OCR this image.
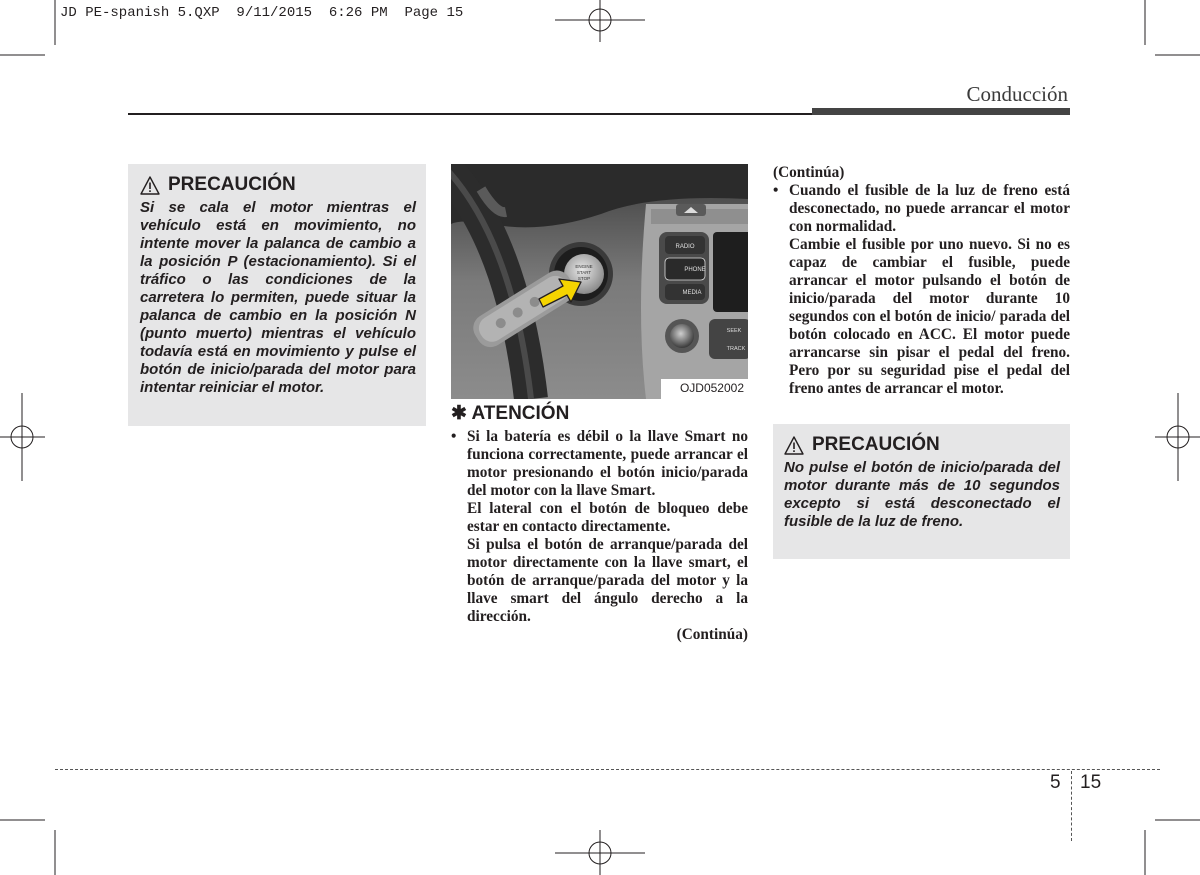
JD PE-spanish 5.QXP  9/11/2015  6:26 PM  Page 15
Conducción
PRECAUCIÓN
Si se cala el motor mientras el vehículo está en movimiento, no intente mover la palanca de cambio a la posición P (estacionamiento). Si el tráfico o las condiciones de la carretera lo permiten, puede situar la palanca de cambio en la posición N (punto muerto) mientras el vehículo todavía está en movimiento y pulse el botón de inicio/parada del motor para intentar reiniciar el motor.
RADIO
PHONE
MEDIA
SEEK
TRACK
ENGINE
START
STOP
OJD052002
✱ ATENCIÓN
• Si la batería es débil o la llave Smart no funciona correctamente, puede arrancar el motor presionando el botón inicio/parada del motor con la llave Smart.
El lateral con el botón de bloqueo debe estar en contacto directamente.
Si pulsa el botón de arranque/parada del motor directamente con la llave smart, el botón de arranque/parada del motor y la llave smart del ángulo derecho a la dirección.
(Continúa)
(Continúa)
• Cuando el fusible de la luz de freno está desconectado, no puede arrancar el motor con normalidad.
Cambie el fusible por uno nuevo. Si no es capaz de cambiar el fusible, puede arrancar el motor pulsando el botón de inicio/parada del motor durante 10 segundos con el botón de inicio/ parada del botón colocado en ACC. El motor puede arrancarse sin pisar el pedal del freno. Pero por su seguridad pise el pedal del freno antes de arrancar el motor.
PRECAUCIÓN
No pulse el botón de inicio/parada del motor durante más de 10 segundos excepto si está desconectado el fusible de la luz de freno.
5 15
